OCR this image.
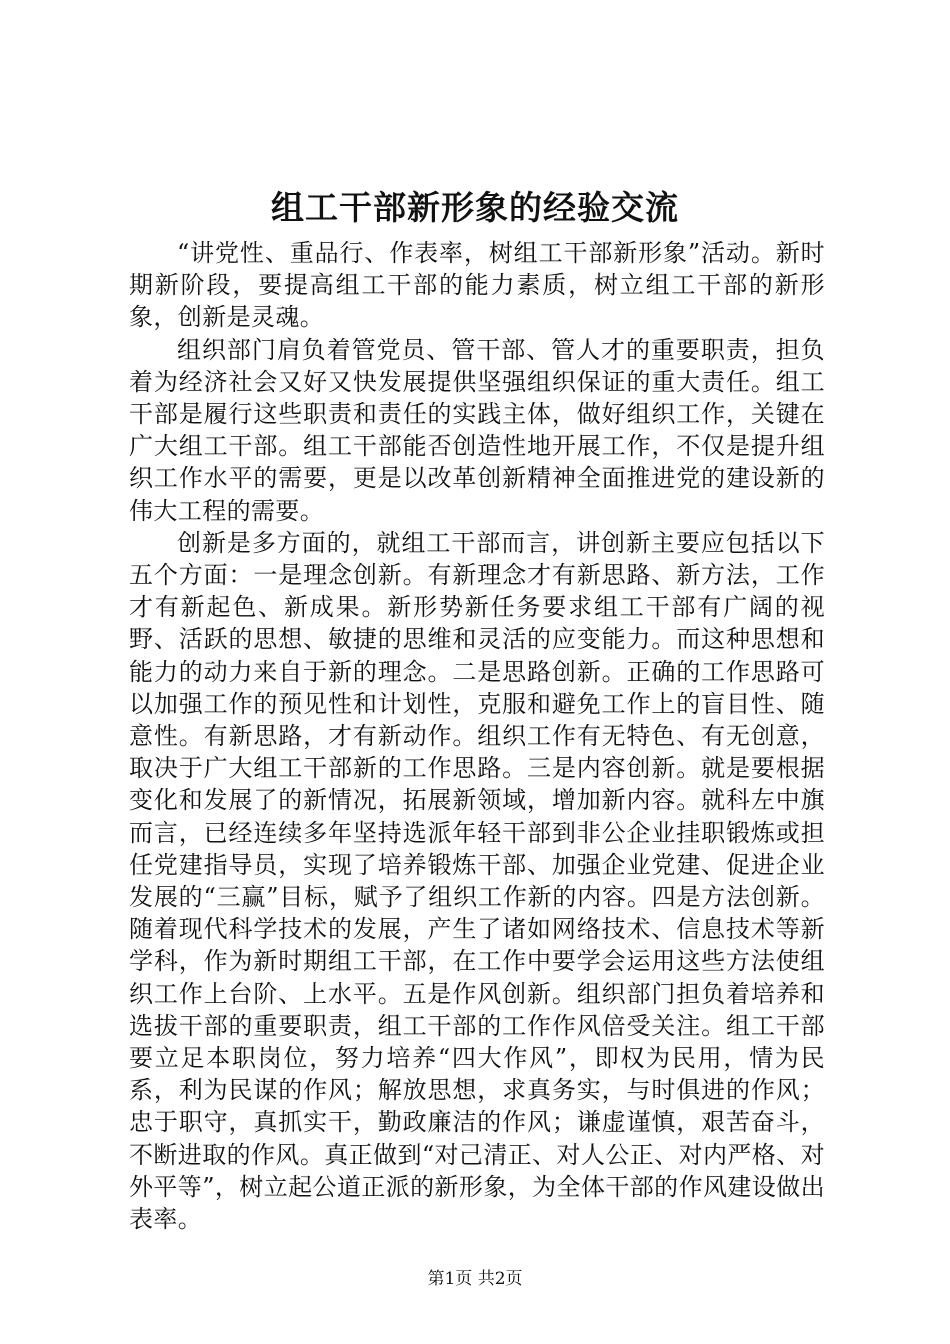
组工干部新形象的经验交流

“讲党性、重品行、作表率，树组工干部新形象”活动。新时期新阶段，要提高组工干部的能力素质，树立组工干部的新形象，创新是灵魂。

组织部门肩负着管党员、管干部、管人才的重要职责，担负着为经济社会又好又快发展提供坚强组织保证的重大责任。组工干部是履行这些职责和责任的实践主体，做好组织工作，关键在广大组工干部。组工干部能否创造性地开展工作，不仅是提升组织工作水平的需要，更是以改革创新精神全面推进党的建设新的伟大工程的需要。

创新是多方面的，就组工干部而言，讲创新主要应包括以下五个方面：一是理念创新。有新理念才有新思路、新方法，工作才有新起色、新成果。新形势新任务要求组工干部有广阔的视野、活跃的思想、敏捷的思维和灵活的应变能力。而这种思想和能力的动力来自于新的理念。二是思路创新。正确的工作思路可以加强工作的预见性和计划性，克服和避免工作上的盲目性、随意性。有新思路，才有新动作。组织工作有无特色、有无创意，取决于广大组工干部新的工作思路。三是内容创新。就是要根据变化和发展了的新情况，拓展新领域，增加新内容。就科左中旗而言，已经连续多年坚持选派年轻干部到非公企业挂职锻炼或担任党建指导员，实现了培养锻炼干部、加强企业党建、促进企业发展的“三赢”目标，赋予了组织工作新的内容。四是方法创新。随着现代科学技术的发展，产生了诸如网络技术、信息技术等新学科，作为新时期组工干部，在工作中要学会运用这些方法使组织工作上台阶、上水平。五是作风创新。组织部门担负着培养和选拔干部的重要职责，组工干部的工作作风倍受关注。组工干部要立足本职岗位，努力培养“四大作风”，即权为民用，情为民系，利为民谋的作风；解放思想，求真务实，与时俱进的作风；忠于职守，真抓实干，勤政廉洁的作风；谦虚谨慎，艰苦奋斗，不断进取的作风。真正做到“对己清正、对人公正、对内严格、对外平等”，树立起公道正派的新形象，为全体干部的作风建设做出表率。

第1页 共2页
